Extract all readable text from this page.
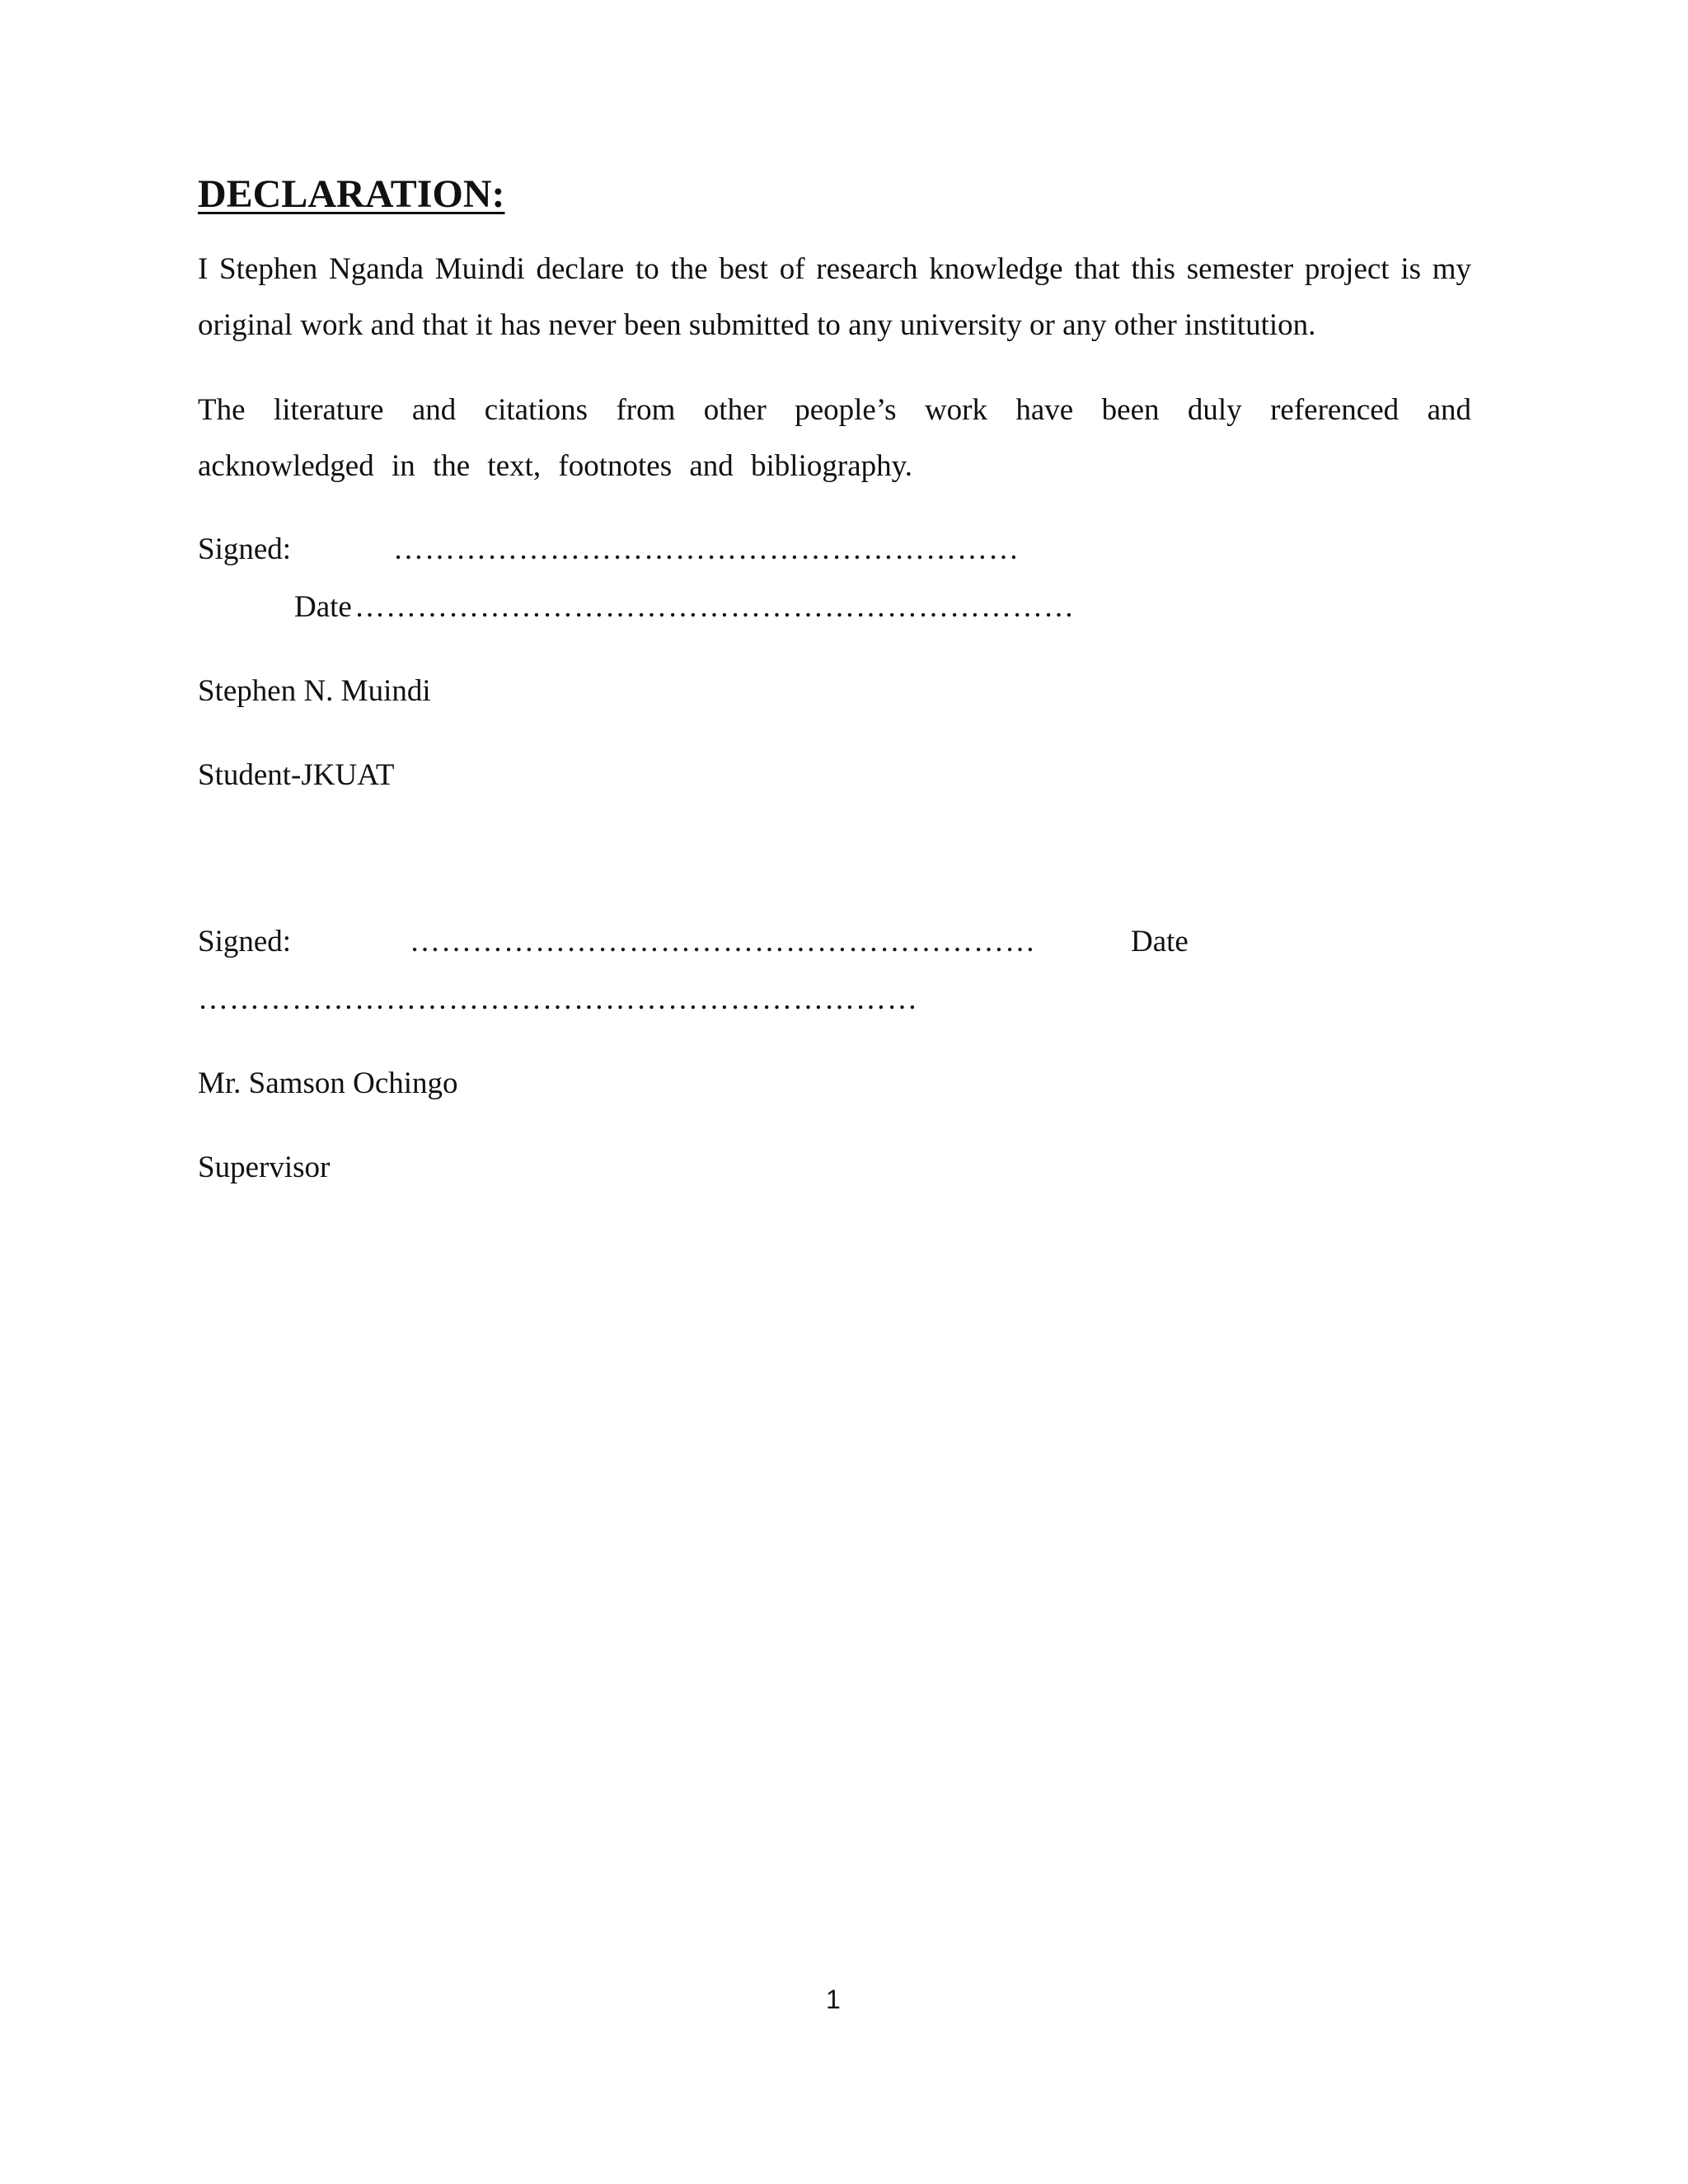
DECLARATION:
I Stephen Nganda Muindi declare to the best of research knowledge that this semester project is my original work and that it has never been submitted to any university or any other institution.
The literature and citations from other people’s work have been duly referenced and acknowledged in the text, footnotes and bibliography.
Signed:	……………………………………………………
Date ……………………………………………………………
Stephen N. Muindi
Student-JKUAT
Signed:	……………………………………………………	Date
……………………………………………………………
Mr. Samson Ochingo
Supervisor
1
